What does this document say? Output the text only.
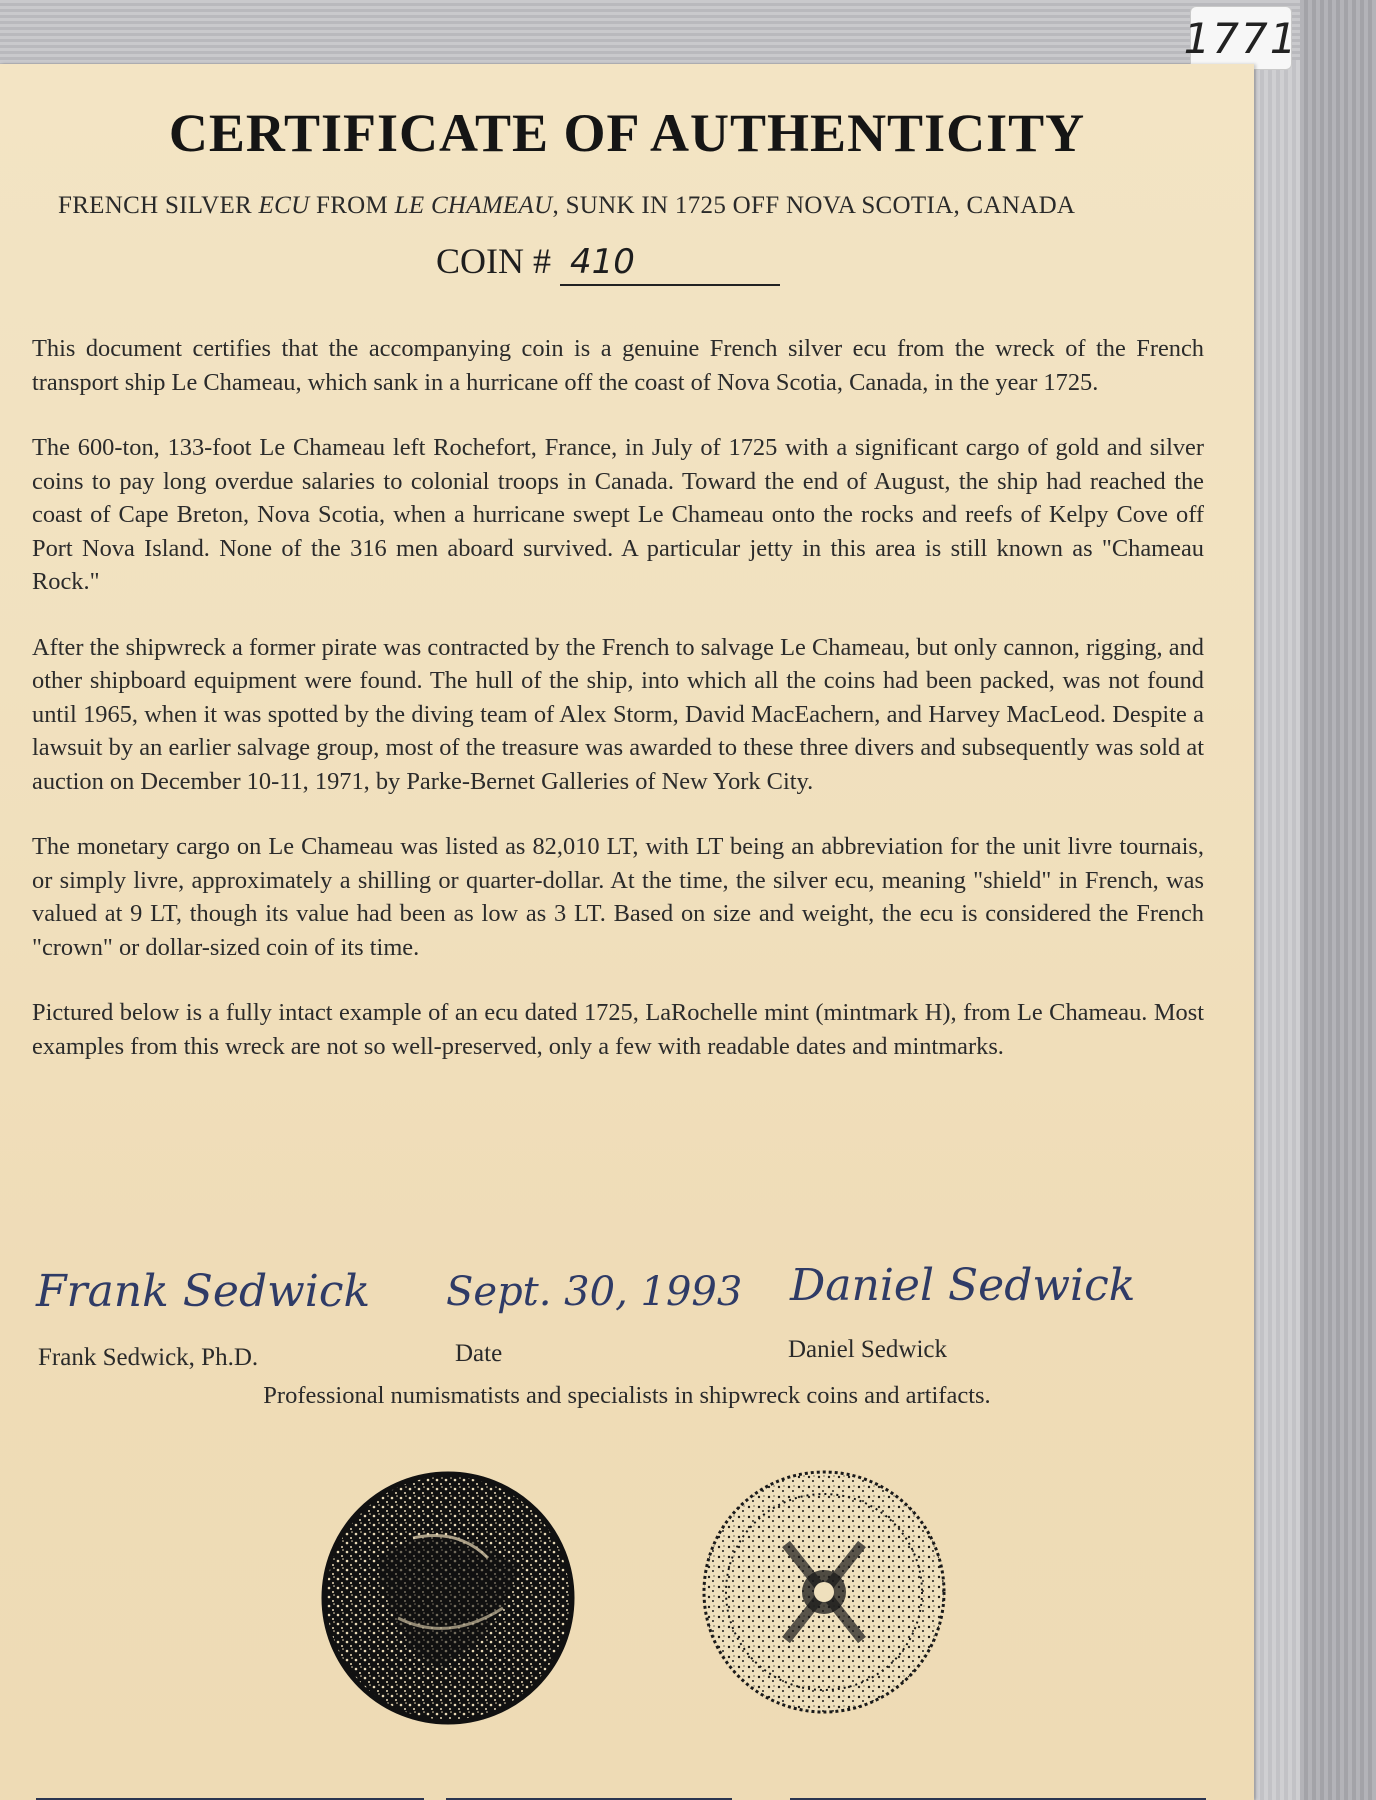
1771
CERTIFICATE OF AUTHENTICITY
FRENCH SILVER ECU FROM LE CHAMEAU, SUNK IN 1725 OFF NOVA SCOTIA, CANADA
COIN # 410

This document certifies that the accompanying coin is a genuine French silver ecu from the wreck of the French transport ship Le Chameau, which sank in a hurricane off the coast of Nova Scotia, Canada, in the year 1725.

The 600-ton, 133-foot Le Chameau left Rochefort, France, in July of 1725 with a significant cargo of gold and silver coins to pay long overdue salaries to colonial troops in Canada. Toward the end of August, the ship had reached the coast of Cape Breton, Nova Scotia, when a hurricane swept Le Chameau onto the rocks and reefs of Kelpy Cove off Port Nova Island. None of the 316 men aboard survived. A particular jetty in this area is still known as "Chameau Rock."

After the shipwreck a former pirate was contracted by the French to salvage Le Chameau, but only cannon, rigging, and other shipboard equipment were found. The hull of the ship, into which all the coins had been packed, was not found until 1965, when it was spotted by the diving team of Alex Storm, David MacEachern, and Harvey MacLeod. Despite a lawsuit by an earlier salvage group, most of the treasure was awarded to these three divers and subsequently was sold at auction on December 10-11, 1971, by Parke-Bernet Galleries of New York City.

The monetary cargo on Le Chameau was listed as 82,010 LT, with LT being an abbreviation for the unit livre tournais, or simply livre, approximately a shilling or quarter-dollar. At the time, the silver ecu, meaning "shield" in French, was valued at 9 LT, though its value had been as low as 3 LT. Based on size and weight, the ecu is considered the French "crown" or dollar-sized coin of its time.

Pictured below is a fully intact example of an ecu dated 1725, LaRochelle mint (mintmark H), from Le Chameau. Most examples from this wreck are not so well-preserved, only a few with readable dates and mintmarks.

Frank Sedwick	Sept. 30, 1993 Daniel Sedwick
Frank Sedwick, Ph.D.	Date	Daniel Sedwick
Professional numismatists and specialists in shipwreck coins and artifacts.
